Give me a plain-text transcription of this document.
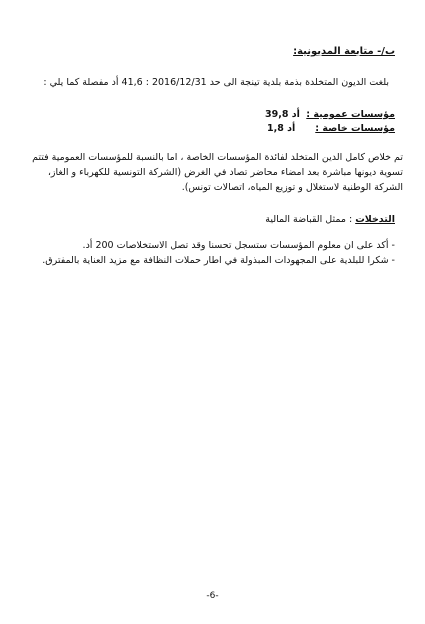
ب/- متابعة المديونية:
بلغت الديون المتخلدة بذمة بلدية تينجة الى حد 2016/12/31 : 41,6 أد مفصلة كما يلي :
مؤسسات عمومية :
39,8 أد
مؤسسات خاصة :
1,8 أد
تم خلاص كامل الدين المتخلد لفائدة المؤسسات الخاصة ، اما بالنسبة للمؤسسات العمومية فتتم
تسوية ديونها مباشرة بعد امضاء محاضر تصاد في الغرض (الشركة التونسية للكهرباء و الغاز،
الشركة الوطنية لاستغلال و توزيع المياه، اتصالات تونس).
التدخلات : ممثل القباضة المالية
- أكد على ان معلوم المؤسسات ستسجل تحسنا وقد تصل الاستخلاصات 200 أد.
- شكرا للبلدية على المجهودات المبذولة في اطار حملات النظافة مع مزيد العناية بالمفترق.
-6-
